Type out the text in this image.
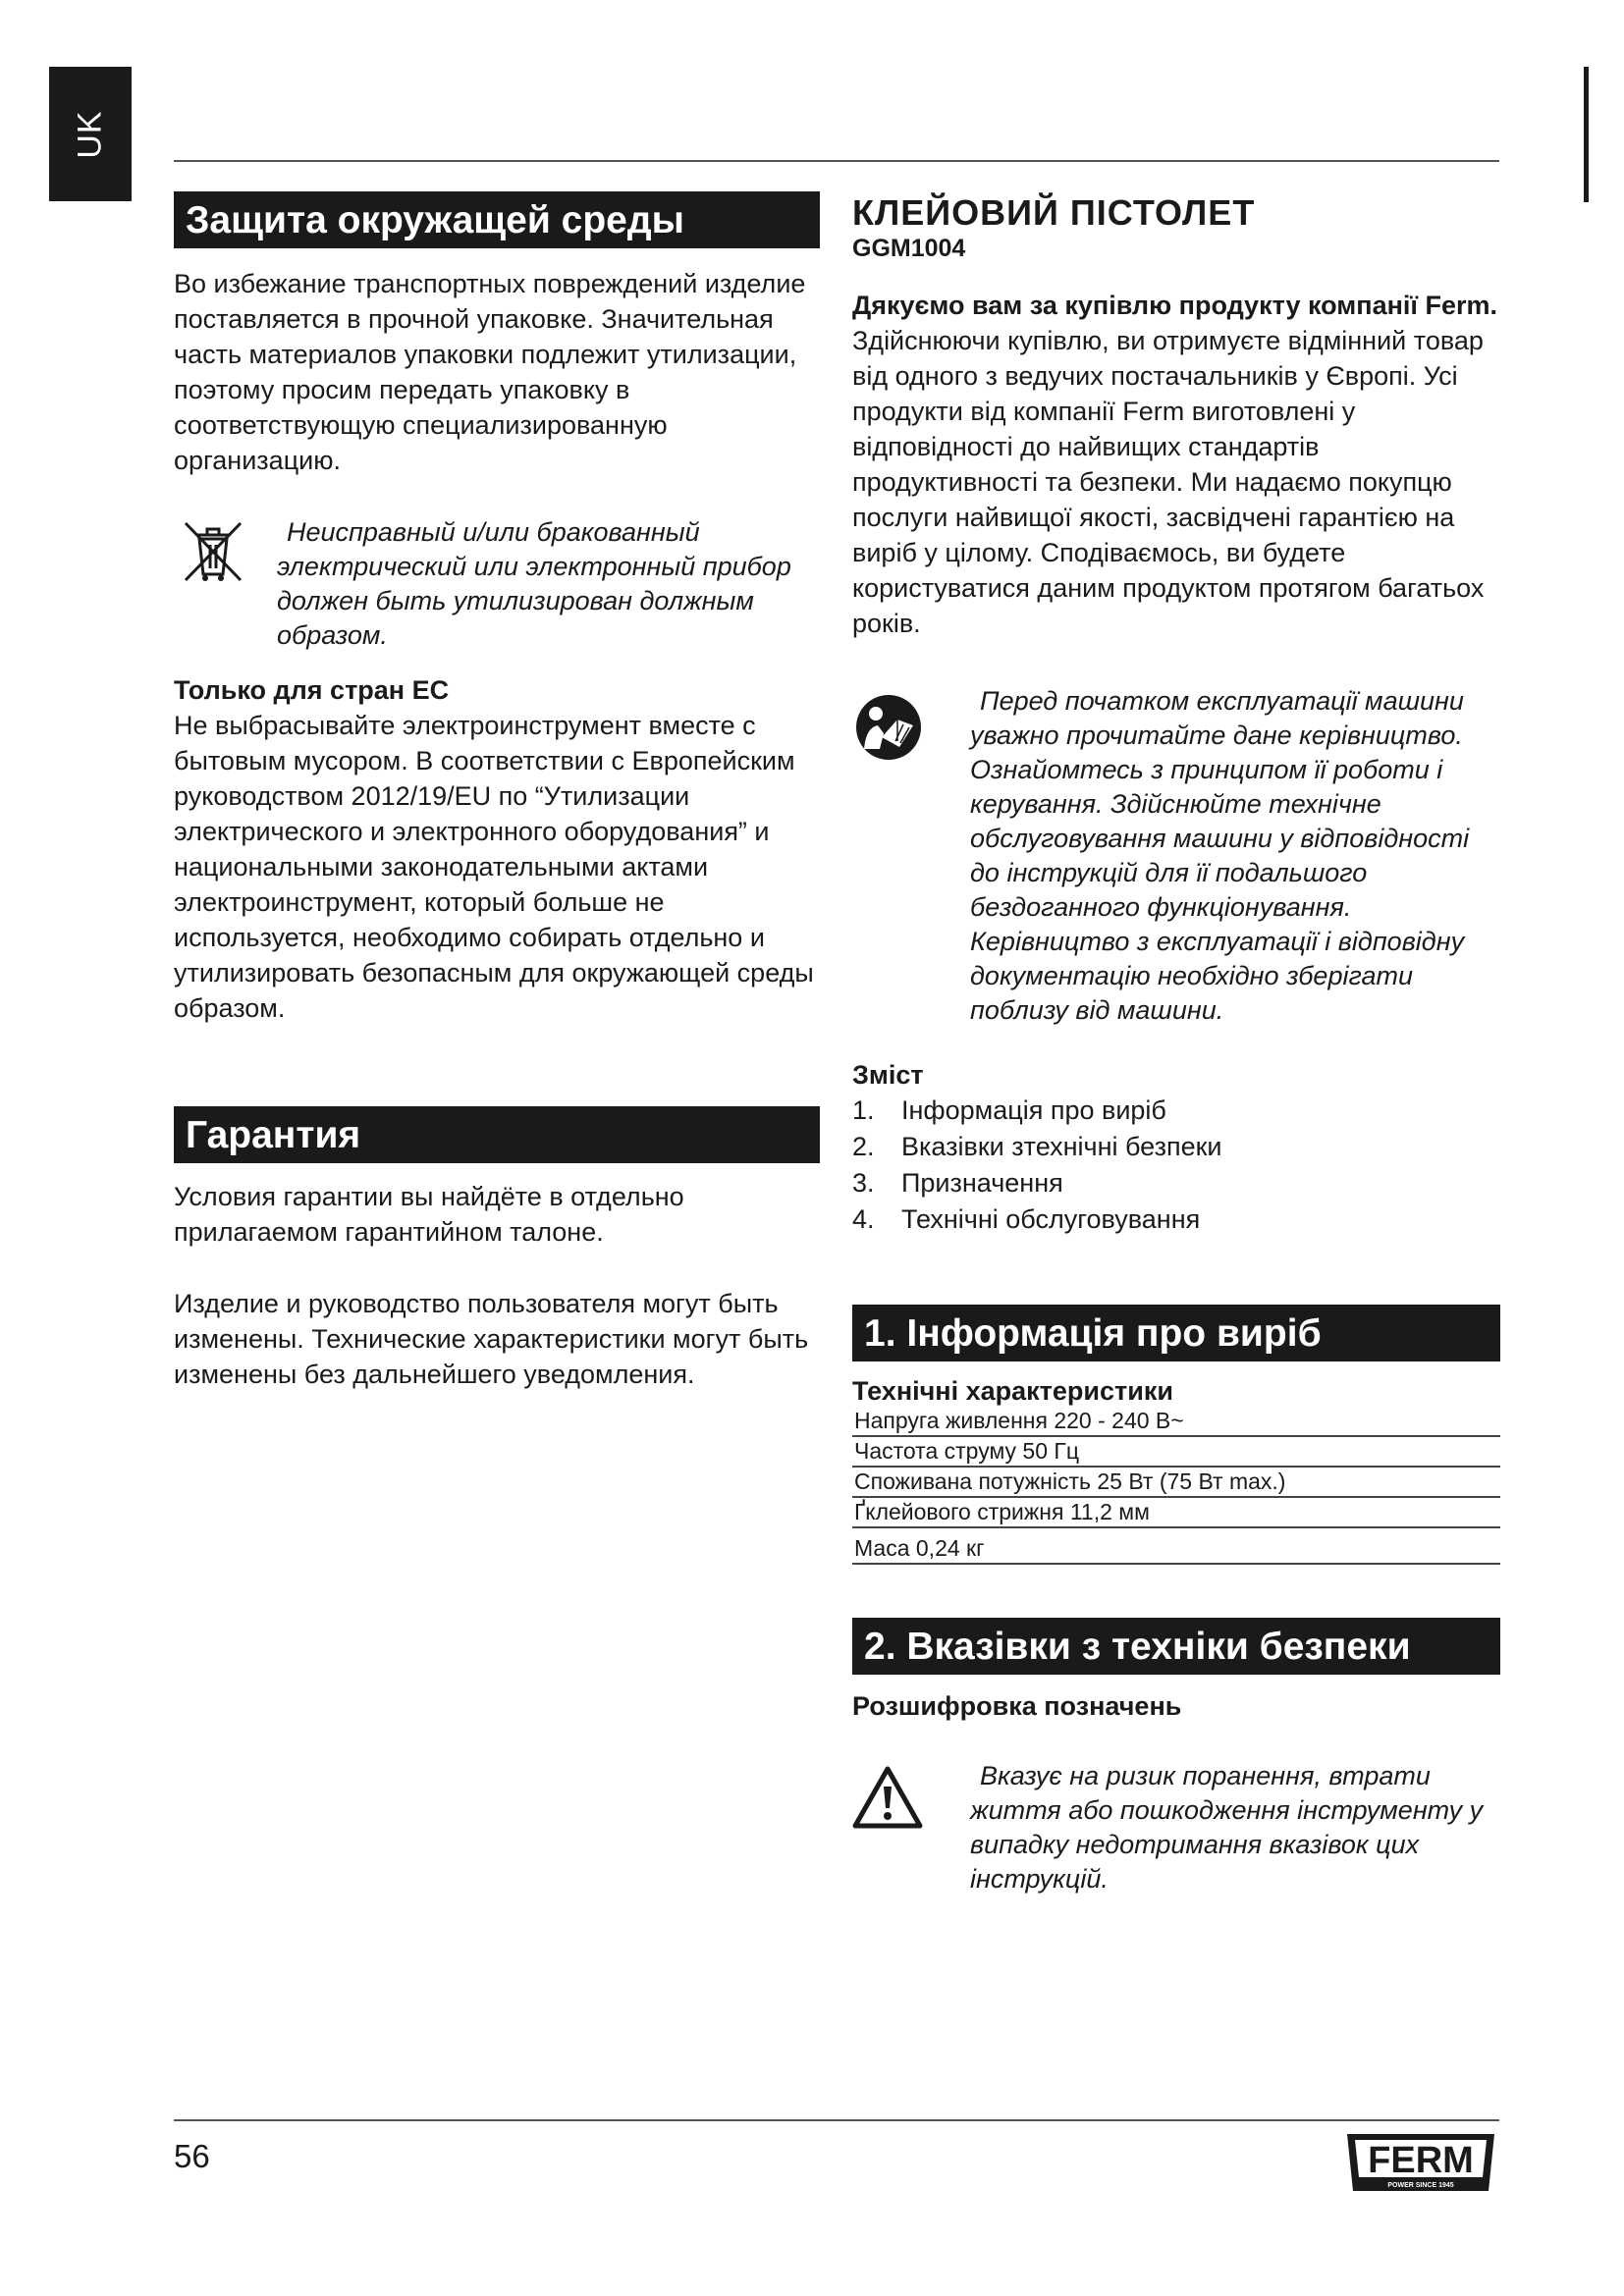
UK
Защита окружащей среды

Во избежание транспортных повреждений изделие поставляется в прочной упаковке. Значительная часть материалов упаковки подлежит утилизации, поэтому просим передать упаковку в соответствующую специализированную организацию.

Неисправный и/или бракованный электрический или электронный прибор должен быть утилизирован должным образом.

Только для стран ЕС

Не выбрасывайте электроинструмент вместе с бытовым мусором. В соответствии с Европейским руководством 2012/19/EU по “Утилизации электрического и электронного оборудования” и национальными законодательными актами электроинструмент, который больше не используется, необходимо собирать отдельно и утилизировать безопасным для окружающей среды образом.

Гарантия

Условия гарантии вы найдёте в отдельно прилагаемом гарантийном талоне.

Изделие и руководство пользователя могут быть изменены. Технические характеристики могут быть изменены без дальнейшего уведомления.

КЛЕЙОВИЙ ПІСТОЛЕТ
GGM1004

Дякуємо вам за купівлю продукту компанії Ferm. Здійснюючи купівлю, ви отримуєте відмінний товар від одного з ведучих постачальників у Європі. Усі продукти від компанії Ferm виготовлені у відповідності до найвищих стандартів продуктивності та безпеки. Ми надаємо покупцю послуги найвищої якості, засвідчені гарантією на виріб у цілому. Сподіваємось, ви будете користуватися даним продуктом протягом багатьох років.

Перед початком експлуатації машини уважно прочитайте дане керівництво. Ознайомтесь з принципом її роботи і керування. Здійснюйте технічне обслуговування машини у відповідності до інструкцій для її подальшого бездоганного функціонування. Керівництво з експлуатації і відповідну документацію необхідно зберігати поблизу від машини.

Зміст

1.	Інформація про виріб
2.	Вказівки зтехнічні безпеки
3.	Призначення
4.	Технічні обслуговування
1. Інформація про виріб

Технічні характеристики

Напруга живлення 220 - 240 В~
Частота струму 50 Гц
Споживана потужність 25 Вт (75 Вт max.)
Ґклейового стрижня 11,2 мм
Маса 0,24 кг
2. Вказівки з техніки безпеки

Розшифровка позначень

Вказує на ризик поранення, втрати життя або пошкодження інструменту у випадку недотримання вказівок цих інструкцій.

56	FERM
POWER SINCE 1945
